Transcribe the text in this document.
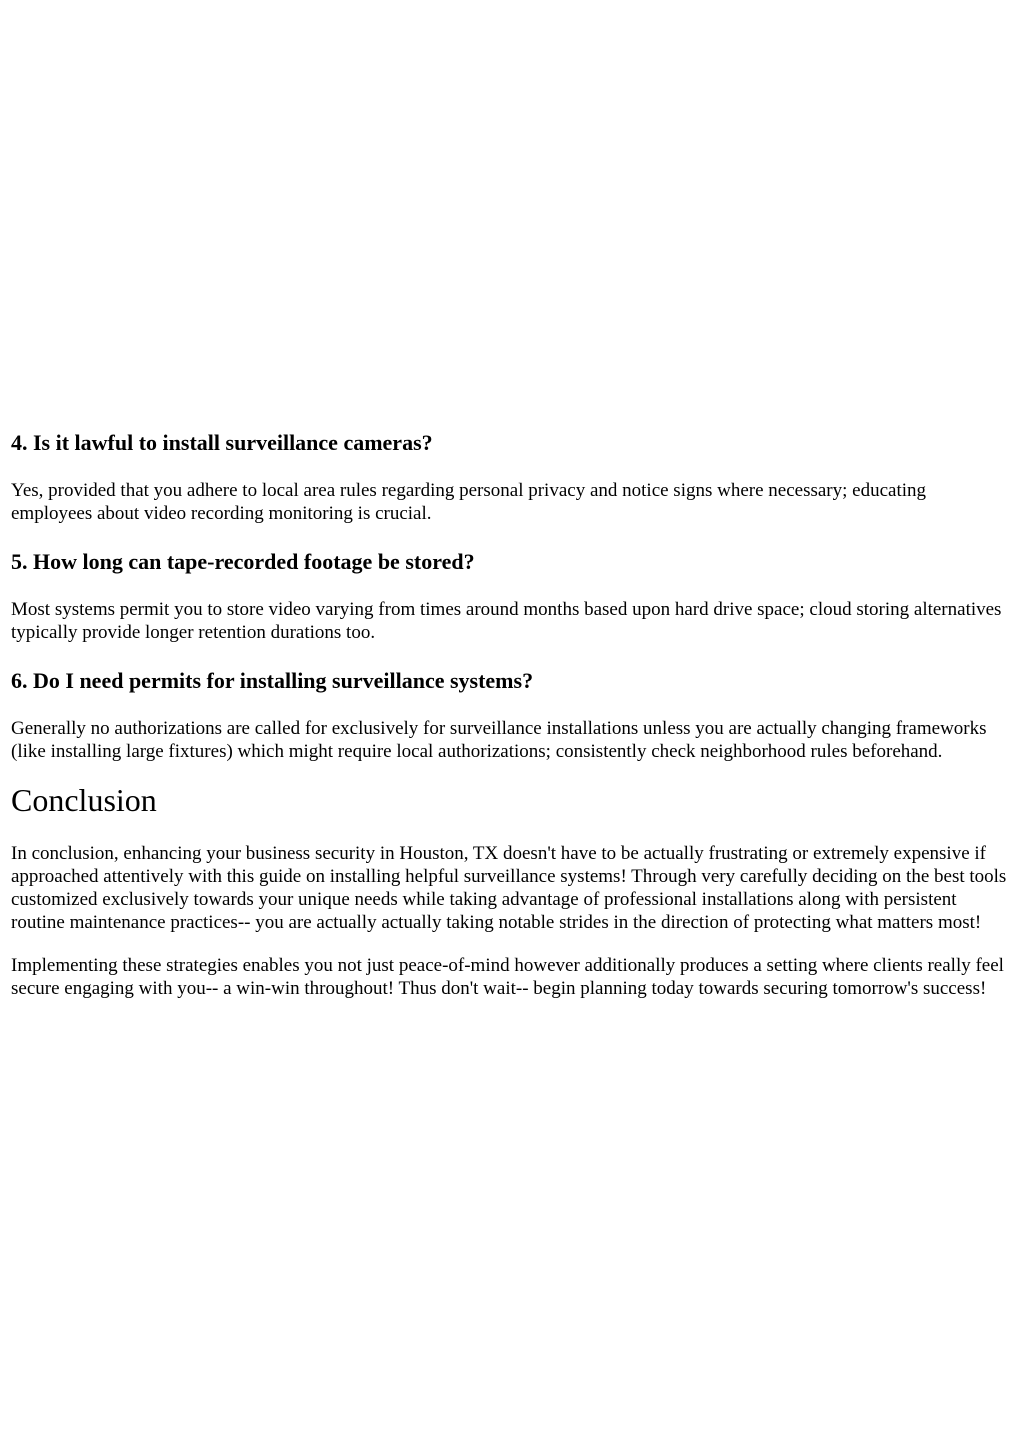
4. Is it lawful to install surveillance cameras?

Yes, provided that you adhere to local area rules regarding personal privacy and notice signs where necessary; educating employees about video recording monitoring is crucial.

5. How long can tape-recorded footage be stored?

Most systems permit you to store video varying from times around months based upon hard drive space; cloud storing alternatives typically provide longer retention durations too.

6. Do I need permits for installing surveillance systems?

Generally no authorizations are called for exclusively for surveillance installations unless you are actually changing frameworks (like installing large fixtures) which might require local authorizations; consistently check neighborhood rules beforehand.

Conclusion

In conclusion, enhancing your business security in Houston, TX doesn't have to be actually frustrating or extremely expensive if approached attentively with this guide on installing helpful surveillance systems! Through very carefully deciding on the best tools customized exclusively towards your unique needs while taking advantage of professional installations along with persistent routine maintenance practices-- you are actually actually taking notable strides in the direction of protecting what matters most!

Implementing these strategies enables you not just peace-of-mind however additionally produces a setting where clients really feel secure engaging with you-- a win-win throughout! Thus don't wait-- begin planning today towards securing tomorrow's success!
